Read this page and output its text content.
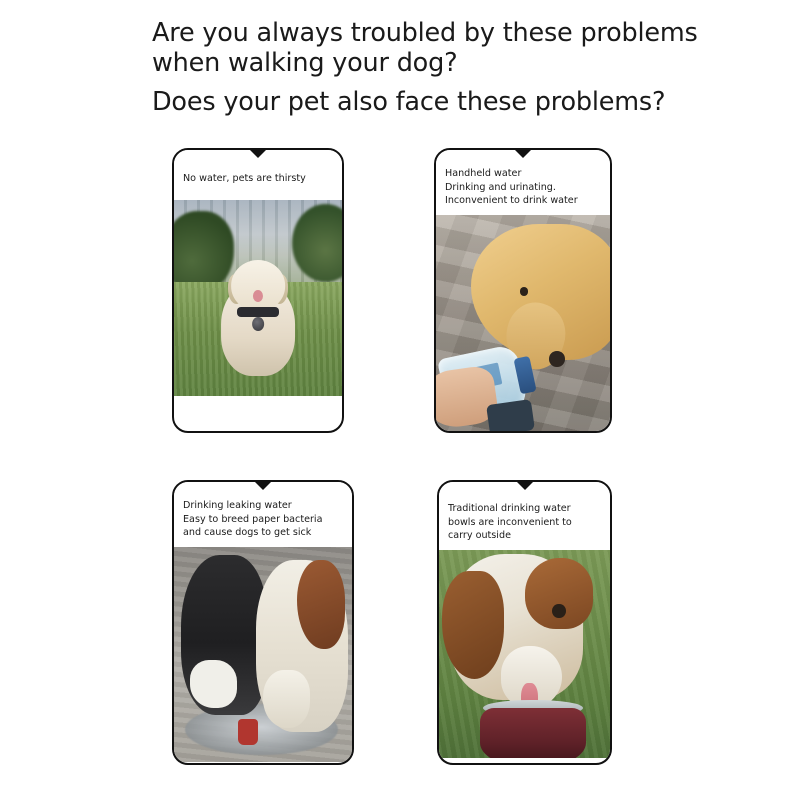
Are you always troubled by these problems
when walking your dog?
Does your pet also face these problems?
No water, pets are thirsty	Handheld water
Drinking and urinating.
Inconvenient to drink water
Drinking leaking water
Easy to breed paper bacteria
and cause dogs to get sick
Traditional drinking water
bowls are inconvenient to
carry outside
